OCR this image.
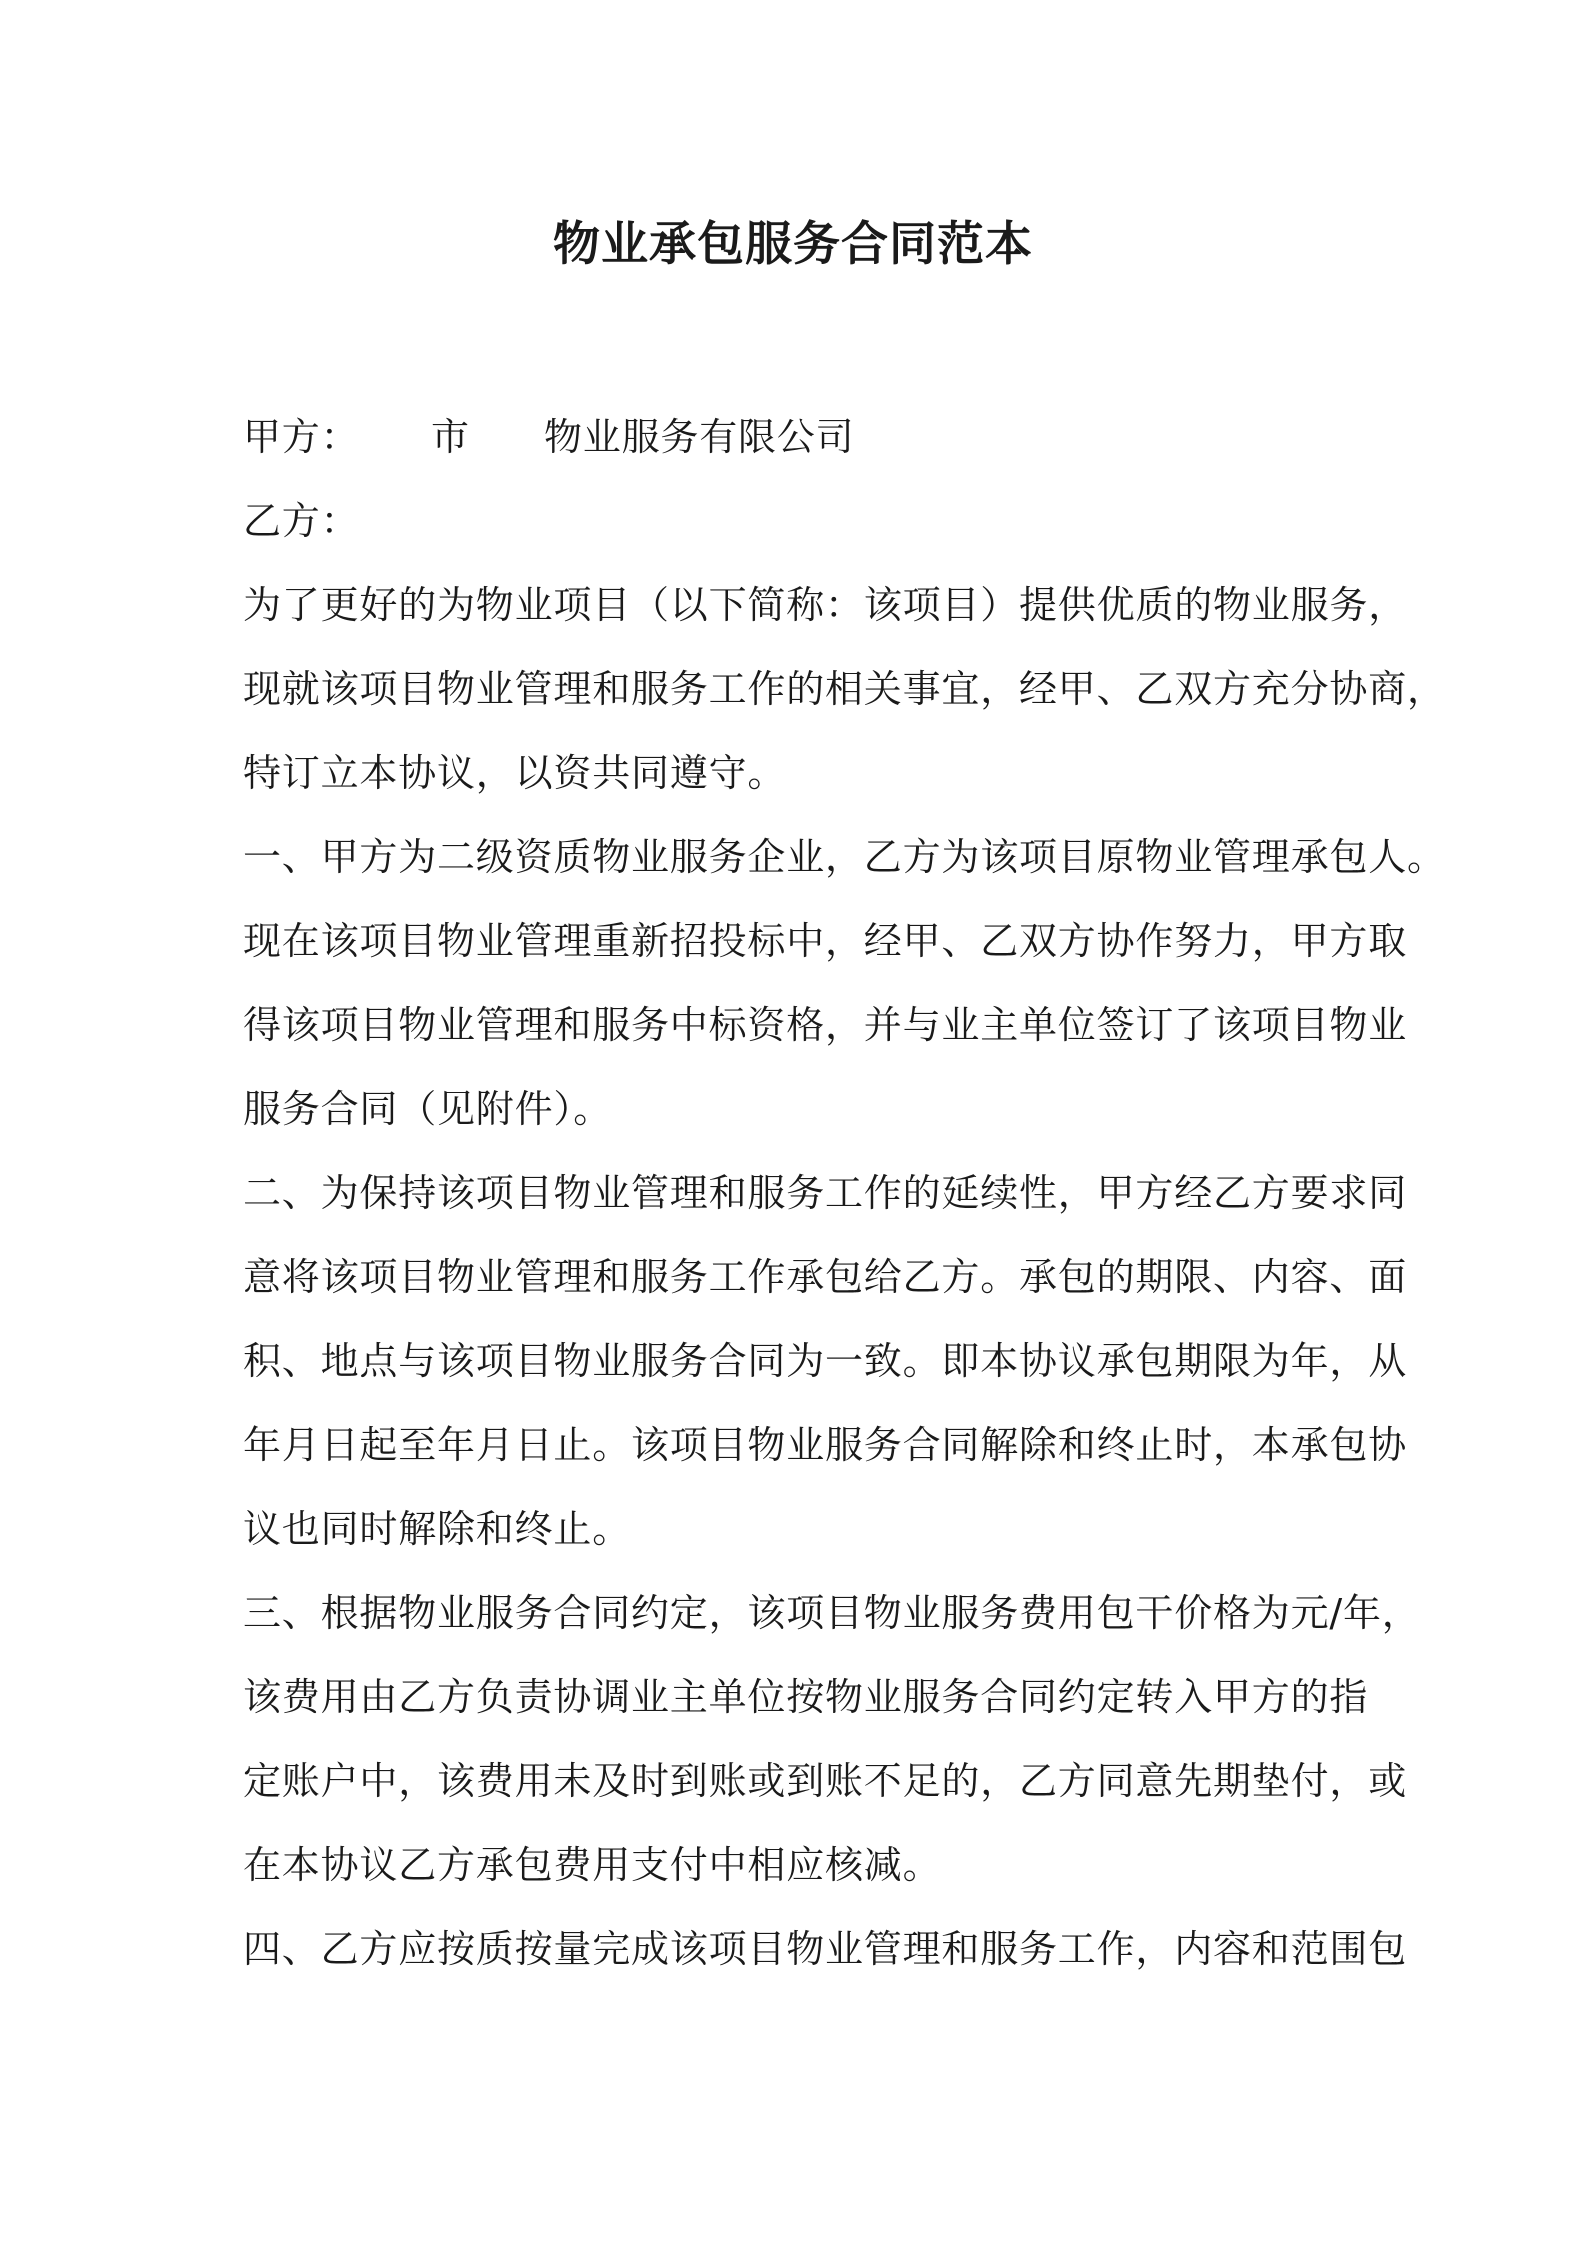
物业承包服务合同范本
甲方： 市 物业服务有限公司
乙方：
为了更好的为物业项目（以下简称：该项目）提供优质的物业服务，
现就该项目物业管理和服务工作的相关事宜，经甲、乙双方充分协商，
特订立本协议，以资共同遵守。
一、甲方为二级资质物业服务企业，乙方为该项目原物业管理承包人。
现在该项目物业管理重新招投标中，经甲、乙双方协作努力，甲方取
得该项目物业管理和服务中标资格，并与业主单位签订了该项目物业
服务合同（见附件）。
二、为保持该项目物业管理和服务工作的延续性，甲方经乙方要求同
意将该项目物业管理和服务工作承包给乙方。承包的期限、内容、面
积、地点与该项目物业服务合同为一致。即本协议承包期限为年，从
年月日起至年月日止。该项目物业服务合同解除和终止时，本承包协
议也同时解除和终止。
三、根据物业服务合同约定，该项目物业服务费用包干价格为元/年，
该费用由乙方负责协调业主单位按物业服务合同约定转入甲方的指
定账户中，该费用未及时到账或到账不足的，乙方同意先期垫付，或
在本协议乙方承包费用支付中相应核减。
四、乙方应按质按量完成该项目物业管理和服务工作，内容和范围包
